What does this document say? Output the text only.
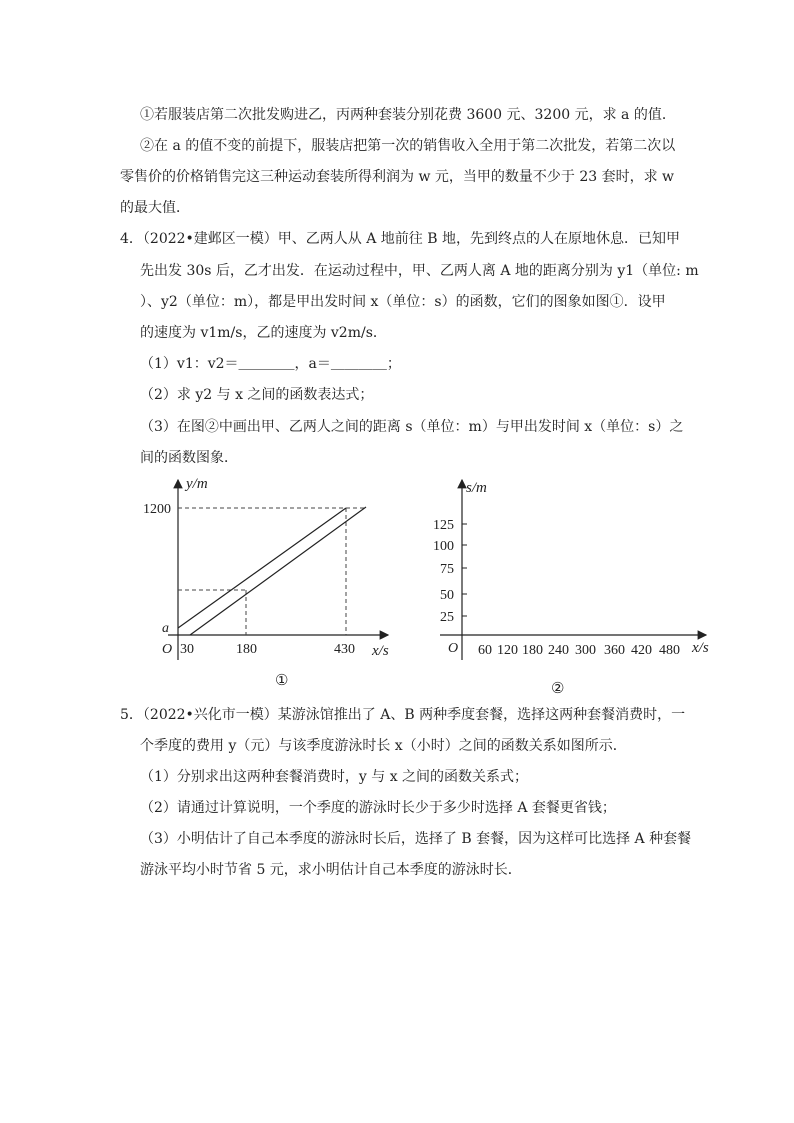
①若服装店第二次批发购进乙，丙两种套装分别花费 3600 元、3200 元，求 a 的值．
②在 a 的值不变的前提下，服装店把第一次的销售收入全用于第二次批发，若第二次以
零售价的价格销售完这三种运动套装所得利润为 w 元，当甲的数量不少于 23 套时，求 w
的最大值．
4．（2022•建邺区一模）甲、乙两人从 A 地前往 B 地，先到终点的人在原地休息．已知甲
先出发 30s 后，乙才出发．在运动过程中，甲、乙两人离 A 地的距离分别为 y1（单位: m
）、y2（单位：m），都是甲出发时间 x（单位：s）的函数，它们的图象如图①．设甲
的速度为 v1m/s，乙的速度为 v2m/s．
（1）v1：v2＝＿＿＿＿，a＝＿＿＿＿；
（2）求 y2 与 x 之间的函数表达式；
（3）在图②中画出甲、乙两人之间的距离 s（单位：m）与甲出发时间 x（单位：s）之
间的函数图象．
y/m
1200
a
O 30	180	430 x/s
①
s/m
125
100
75
50
25
O 60 120 180 240 300 360 420 480 x/s
②
5．（2022•兴化市一模）某游泳馆推出了 A、B 两种季度套餐，选择这两种套餐消费时，一
个季度的费用 y（元）与该季度游泳时长 x（小时）之间的函数关系如图所示．
（1）分别求出这两种套餐消费时，y 与 x 之间的函数关系式；
（2）请通过计算说明，一个季度的游泳时长少于多少时选择 A 套餐更省钱；
（3）小明估计了自己本季度的游泳时长后，选择了 B 套餐，因为这样可比选择 A 种套餐
游泳平均小时节省 5 元，求小明估计自己本季度的游泳时长．
